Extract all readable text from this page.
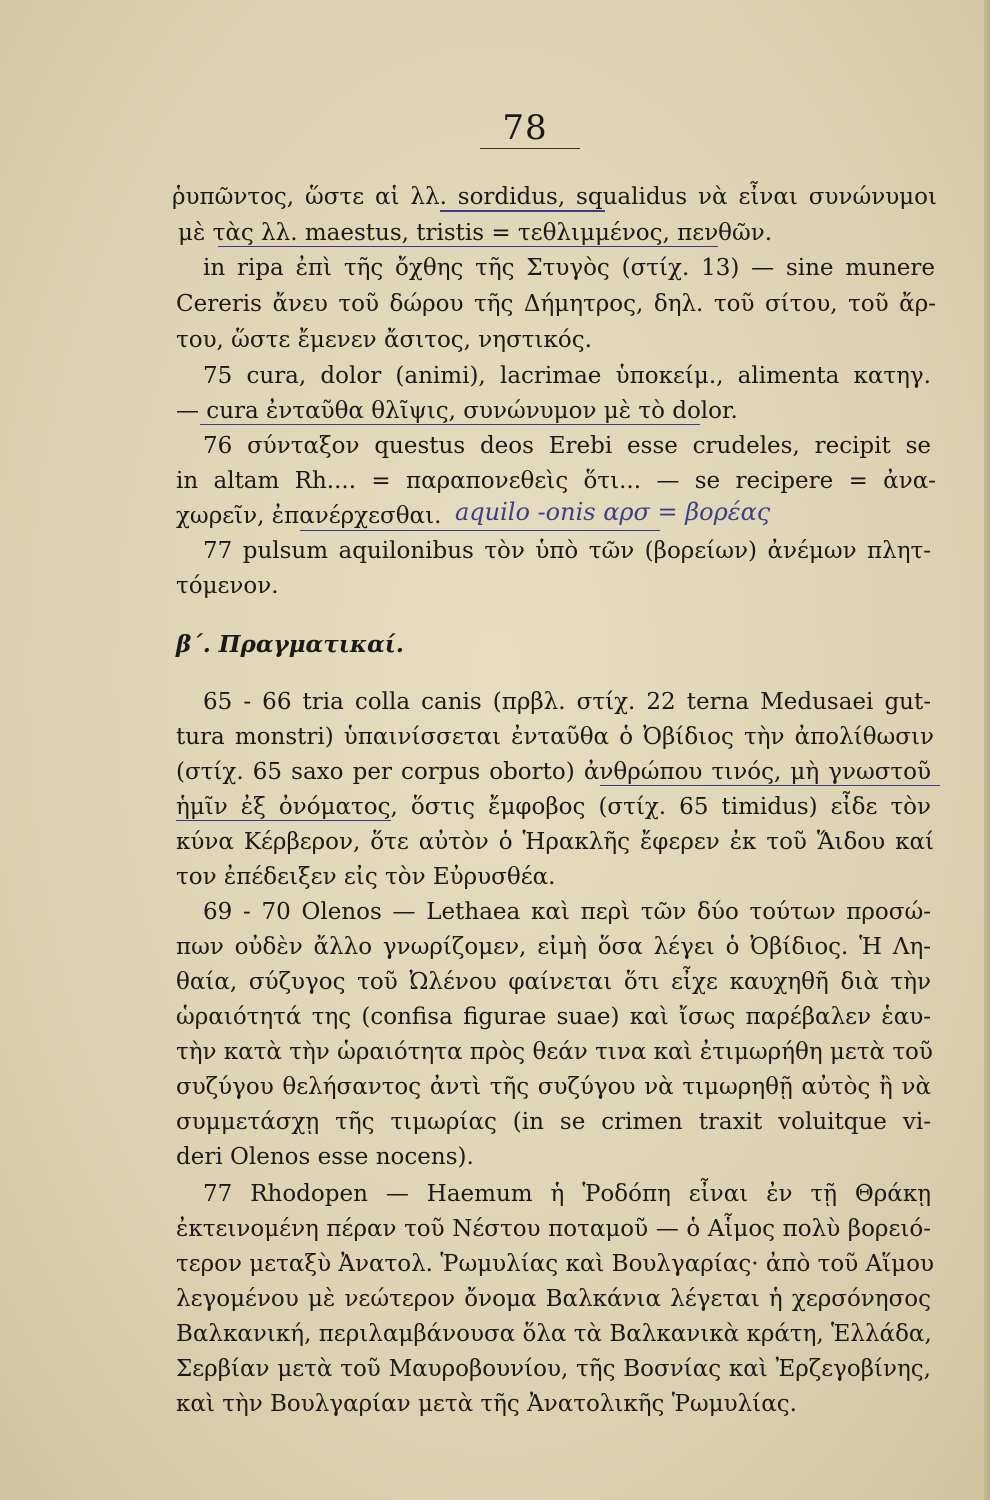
78
ῥυπῶντος, ὥστε αἱ λλ. sordidus, squalidus νὰ εἶναι συνώνυμοι
μὲ τὰς λλ. maestus, tristis = τεθλιμμένος, πενθῶν.
in ripa ἐπὶ τῆς ὄχθης τῆς Στυγὸς (στίχ. 13) — sine munere
Cereris ἄνευ τοῦ δώρου τῆς Δήμητρος, δηλ. τοῦ σίτου, τοῦ ἄρ-
του, ὥστε ἔμενεν ἄσιτος, νηστικός.
75 cura, dolor (animi), lacrimae ὑποκείμ., alimenta κατηγ.
— cura ἐνταῦθα θλῖψις, συνώνυμον μὲ τὸ dolor.
76 σύνταξον questus deos Erebi esse crudeles, recipit se
in altam Rh.... = παραπονεθεὶς ὅτι... — se recipere = ἀνα-
χωρεῖν, ἐπανέρχεσθαι.
77 pulsum aquilonibus τὸν ὑπὸ τῶν (βορείων) ἀνέμων πλητ-
τόμενον.
β΄. Πραγματικαί.
65 - 66 tria colla canis (πρβλ. στίχ. 22 terna Medusaei gut-
tura monstri) ὑπαινίσσεται ἐνταῦθα ὁ Ὀβίδιος τὴν ἀπολίθωσιν
(στίχ. 65 saxo per corpus oborto) ἀνθρώπου τινός, μὴ γνωστοῦ
ἡμῖν ἐξ ὀνόματος, ὅστις ἔμφοβος (στίχ. 65 timidus) εἶδε τὸν
κύνα Κέρβερον, ὅτε αὐτὸν ὁ Ἡρακλῆς ἔφερεν ἐκ τοῦ Ἅιδου καί
τον ἐπέδειξεν εἰς τὸν Εὐρυσθέα.
69 - 70 Olenos — Lethaea καὶ περὶ τῶν δύο τούτων προσώ-
πων οὐδὲν ἄλλο γνωρίζομεν, εἰμὴ ὅσα λέγει ὁ Ὀβίδιος. Ἡ Λη-
θαία, σύζυγος τοῦ Ὠλένου φαίνεται ὅτι εἶχε καυχηθῆ διὰ τὴν
ὡραιότητά της (confisa figurae suae) καὶ ἴσως παρέβαλεν ἑαυ-
τὴν κατὰ τὴν ὡραιότητα πρὸς θεάν τινα καὶ ἐτιμωρήθη μετὰ τοῦ
συζύγου θελήσαντος ἀντὶ τῆς συζύγου νὰ τιμωρηθῇ αὐτὸς ἢ νὰ
συμμετάσχῃ τῆς τιμωρίας (in se crimen traxit voluitque vi-
deri Olenos esse nocens).
77 Rhodopen — Haemum ἡ Ῥοδόπη εἶναι ἐν τῇ Θράκῃ
ἐκτεινομένη πέραν τοῦ Νέστου ποταμοῦ — ὁ Αἷμος πολὺ βορειό-
τερον μεταξὺ Ἀνατολ. Ῥωμυλίας καὶ Βουλγαρίας· ἀπὸ τοῦ Αἵμου
λεγομένου μὲ νεώτερον ὄνομα Βαλκάνια λέγεται ἡ χερσόνησος
Βαλκανική, περιλαμβάνουσα ὅλα τὰ Βαλκανικὰ κράτη, Ἑλλάδα,
Σερβίαν μετὰ τοῦ Μαυροβουνίου, τῆς Βοσνίας καὶ Ἐρζεγοβίνης,
καὶ τὴν Βουλγαρίαν μετὰ τῆς Ἀνατολικῆς Ῥωμυλίας.
aquilo -onis αρσ = βορέας
